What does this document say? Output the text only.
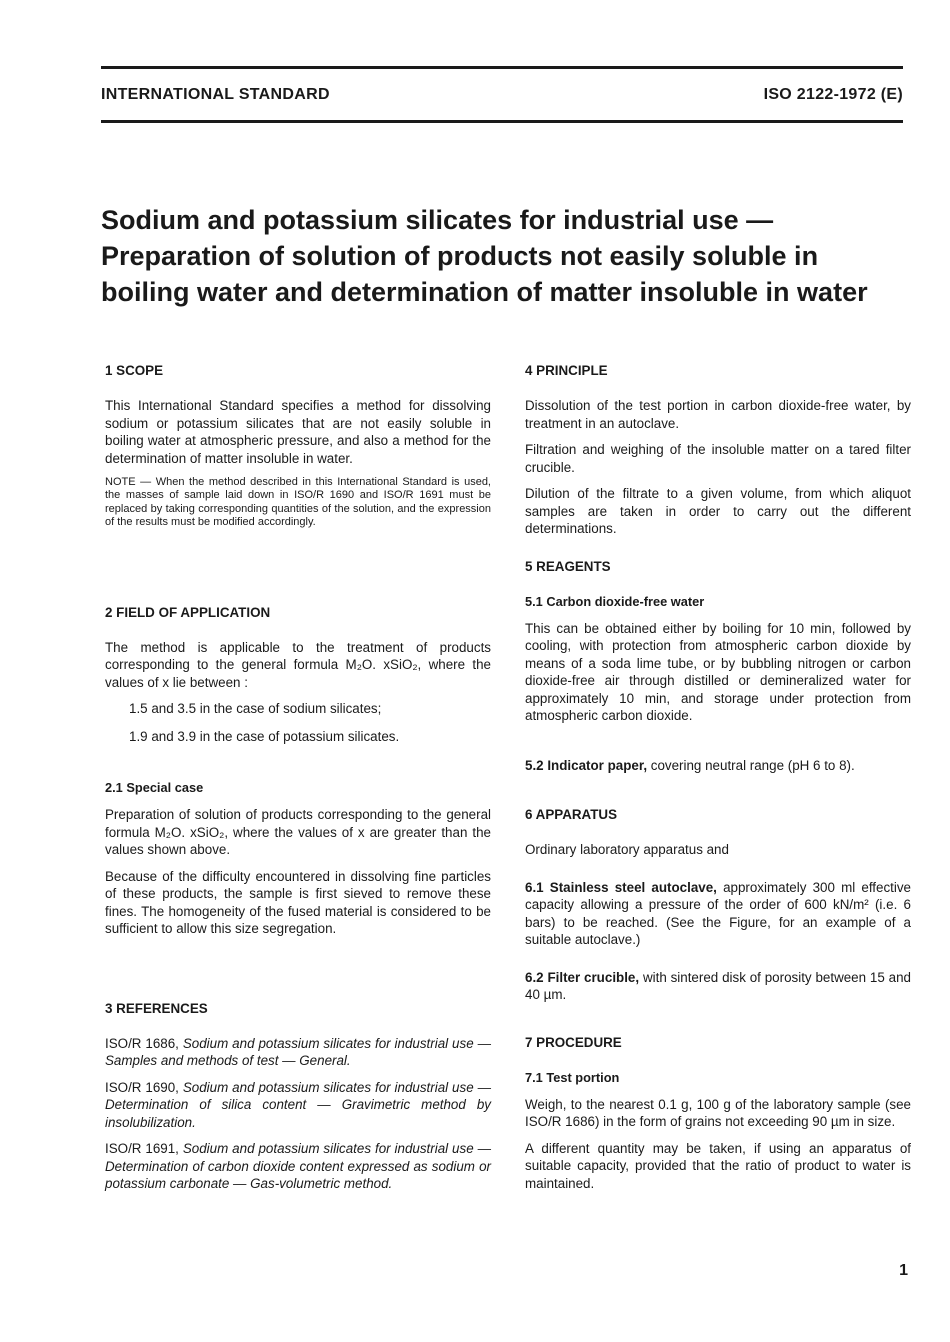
INTERNATIONAL STANDARD	ISO 2122-1972 (E)
Sodium and potassium silicates for industrial use —
Preparation of solution of products not easily soluble in
boiling water and determination of matter insoluble in water
1 SCOPE

This International Standard specifies a method for dissolving sodium or potassium silicates that are not easily soluble in boiling water at atmospheric pressure, and also a method for the determination of matter insoluble in water.

NOTE — When the method described in this International Standard is used, the masses of sample laid down in ISO/R 1690 and ISO/R 1691 must be replaced by taking corresponding quantities of the solution, and the expression of the results must be modified accordingly.

2 FIELD OF APPLICATION

The method is applicable to the treatment of products corresponding to the general formula M₂O. xSiO₂, where the values of x lie between :

1.5 and 3.5 in the case of sodium silicates;

1.9 and 3.9 in the case of potassium silicates.

2.1 Special case

Preparation of solution of products corresponding to the general formula M₂O. xSiO₂, where the values of x are greater than the values shown above.

Because of the difficulty encountered in dissolving fine particles of these products, the sample is first sieved to remove these fines. The homogeneity of the fused material is considered to be sufficient to allow this size segregation.

3 REFERENCES

ISO/R 1686, Sodium and potassium silicates for industrial use — Samples and methods of test — General.

ISO/R 1690, Sodium and potassium silicates for industrial use — Determination of silica content — Gravimetric method by insolubilization.

ISO/R 1691, Sodium and potassium silicates for industrial use — Determination of carbon dioxide content expressed as sodium or potassium carbonate — Gas-volumetric method.

4 PRINCIPLE

Dissolution of the test portion in carbon dioxide-free water, by treatment in an autoclave.

Filtration and weighing of the insoluble matter on a tared filter crucible.

Dilution of the filtrate to a given volume, from which aliquot samples are taken in order to carry out the different determinations.

5 REAGENTS
5.1 Carbon dioxide-free water

This can be obtained either by boiling for 10 min, followed by cooling, with protection from atmospheric carbon dioxide by means of a soda lime tube, or by bubbling nitrogen or carbon dioxide-free air through distilled or demineralized water for approximately 10 min, and storage under protection from atmospheric carbon dioxide.

5.2 Indicator paper, covering neutral range (pH 6 to 8).

6 APPARATUS

Ordinary laboratory apparatus and

6.1 Stainless steel autoclave, approximately 300 ml effective capacity allowing a pressure of the order of 600 kN/m² (i.e. 6 bars) to be reached. (See the Figure, for an example of a suitable autoclave.)

6.2 Filter crucible, with sintered disk of porosity between 15 and 40 µm.

7 PROCEDURE
7.1 Test portion

Weigh, to the nearest 0.1 g, 100 g of the laboratory sample (see ISO/R 1686) in the form of grains not exceeding 90 µm in size.

A different quantity may be taken, if using an apparatus of suitable capacity, provided that the ratio of product to water is maintained.

1
